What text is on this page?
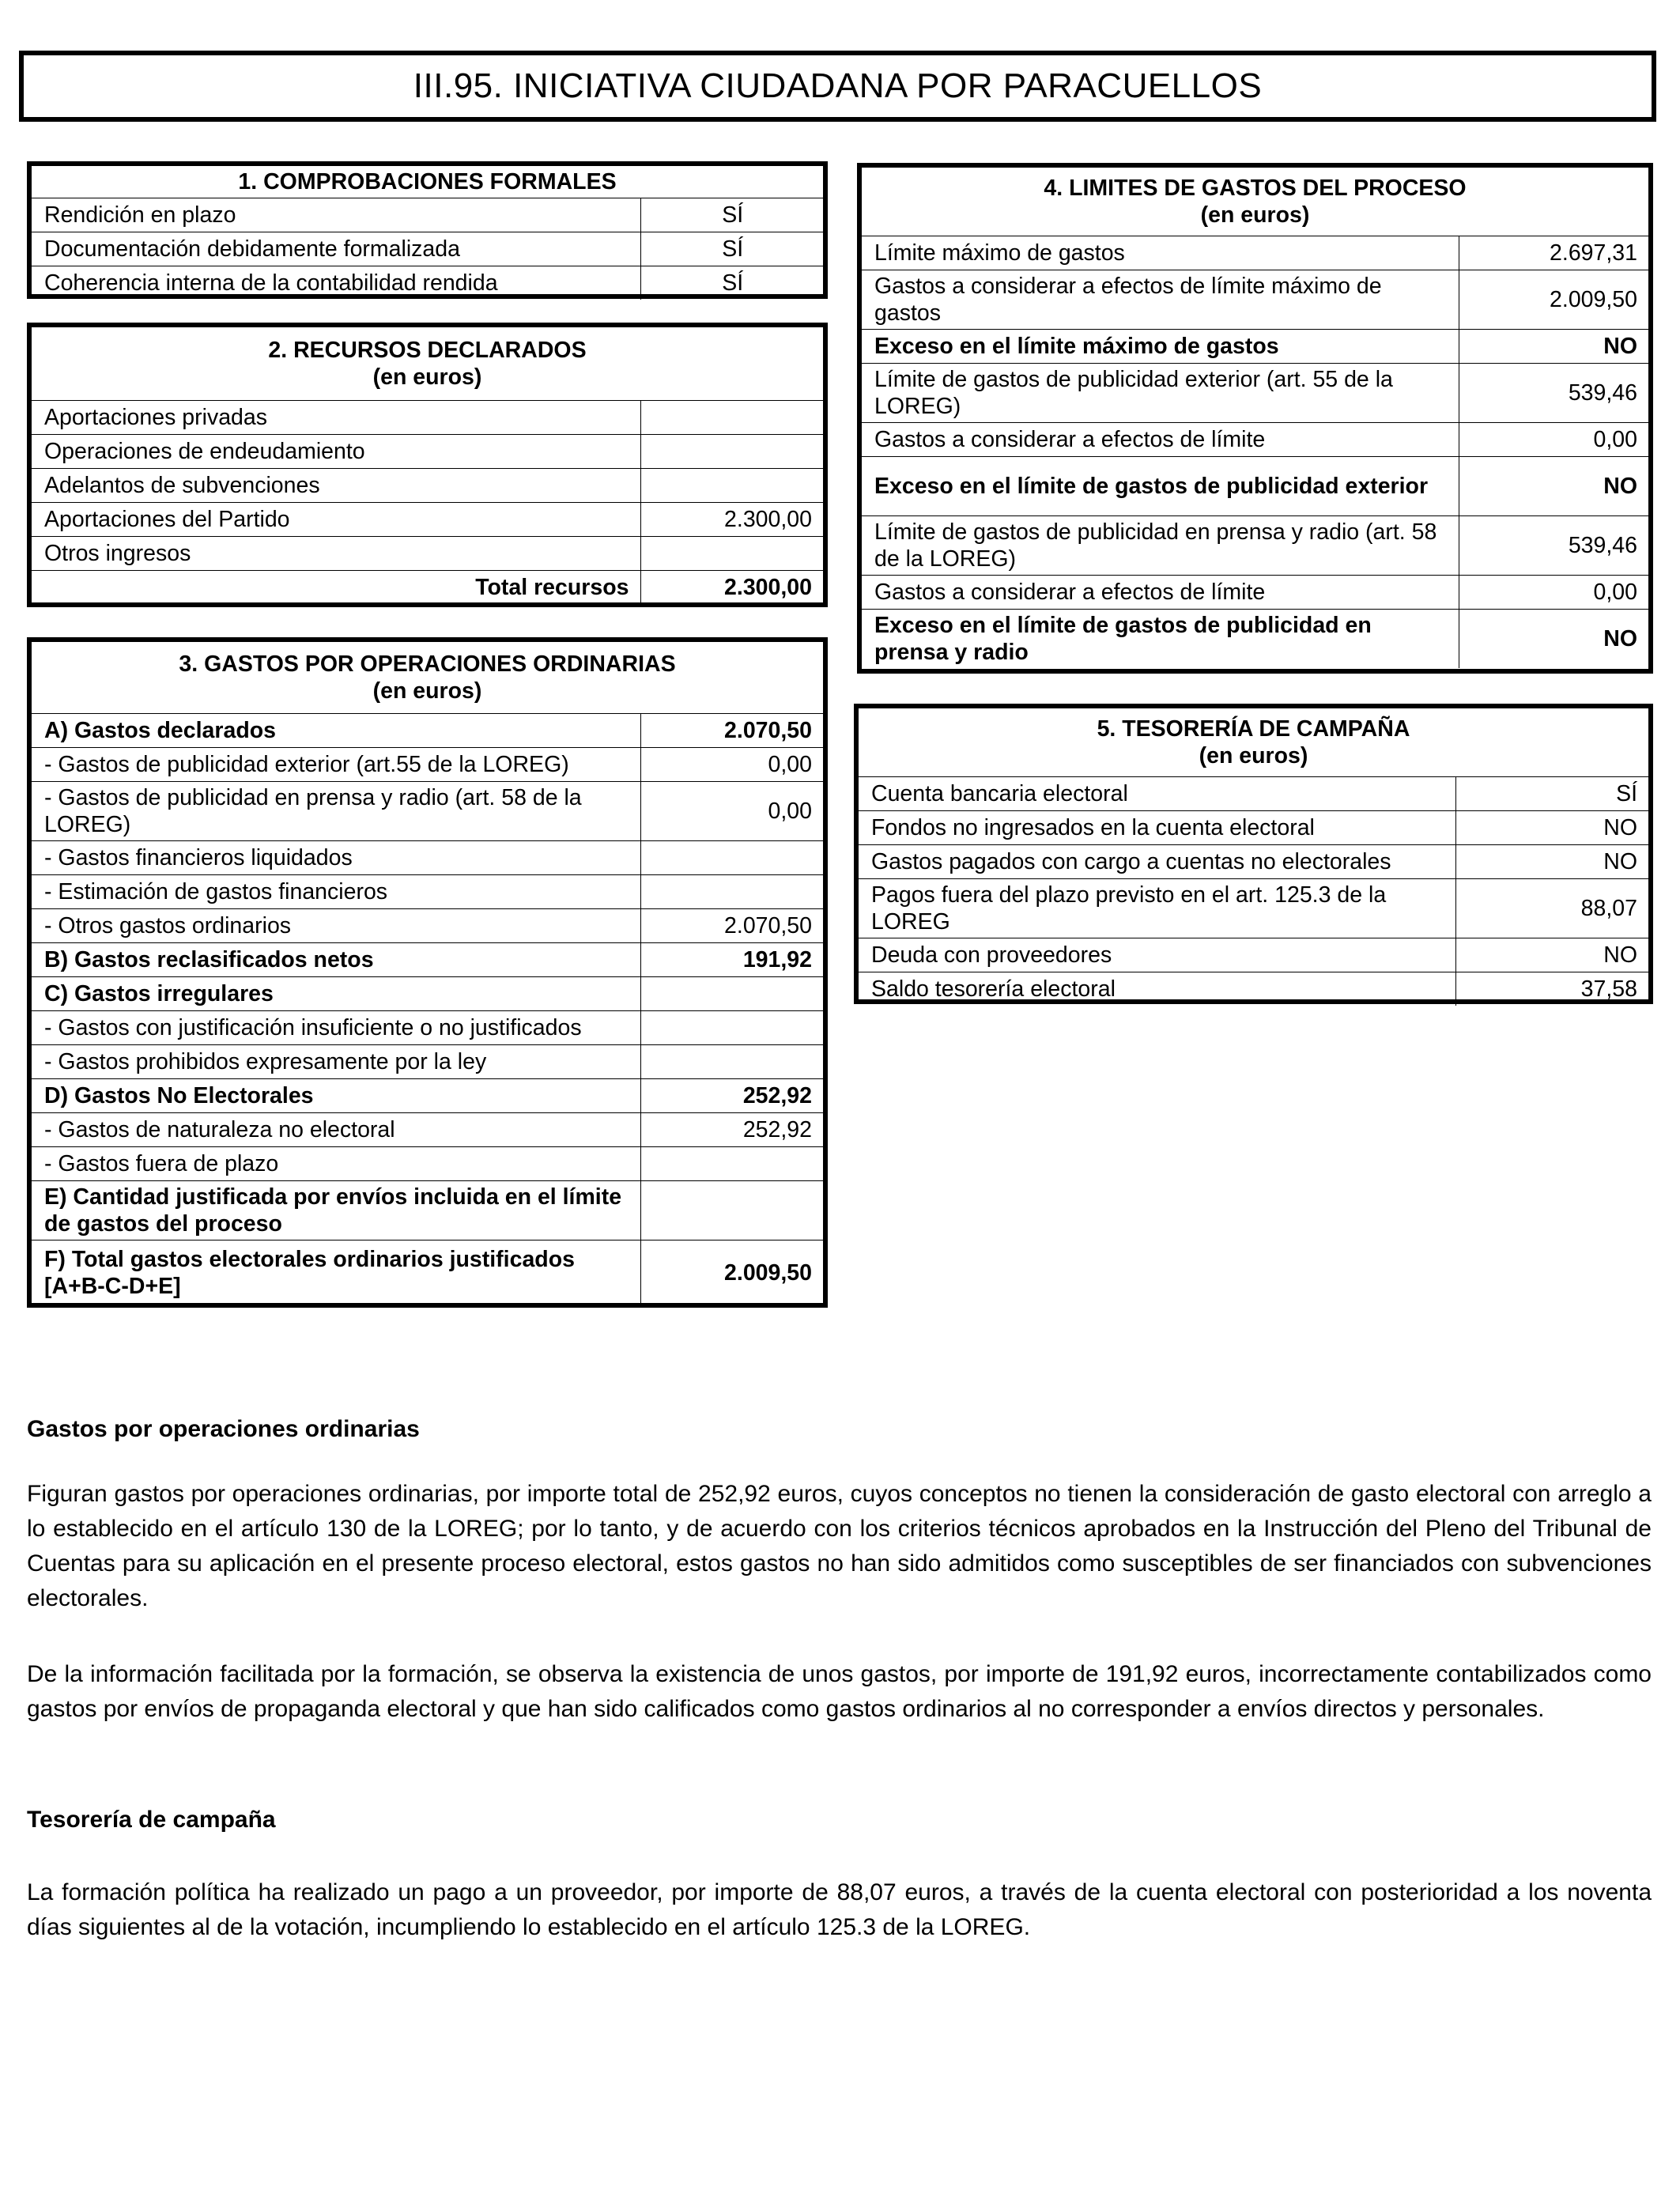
III.95. INICIATIVA CIUDADANA POR PARACUELLOS
1. COMPROBACIONES FORMALES	
Rendición en plazo	SÍ
Documentación debidamente formalizada	SÍ
Coherencia interna de la contabilidad rendida	SÍ
2. RECURSOS DECLARADOS
(en euros)	

Aportaciones privadas	
Operaciones de endeudamiento	
Adelantos de subvenciones	
Aportaciones del Partido	2.300,00
Otros ingresos	
Total recursos	2.300,00
3. GASTOS POR OPERACIONES ORDINARIAS
(en euros)	

A) Gastos declarados	2.070,50
- Gastos de publicidad exterior (art.55 de la LOREG)	0,00
- Gastos de publicidad en prensa y radio (art. 58 de la LOREG)	0,00
- Gastos financieros liquidados	
- Estimación de gastos financieros	
- Otros gastos ordinarios	2.070,50
B) Gastos reclasificados netos	191,92
C) Gastos irregulares	
- Gastos con justificación insuficiente o no justificados	
- Gastos prohibidos expresamente por la ley	
D) Gastos No Electorales	252,92
- Gastos de naturaleza no electoral	252,92
- Gastos fuera de plazo	
E) Cantidad justificada por envíos incluida en el límite de gastos del proceso	
F) Total gastos electorales ordinarios justificados [A+B-C-D+E]	2.009,50
4. LIMITES DE GASTOS DEL PROCESO
(en euros)	

Límite máximo de gastos	2.697,31
Gastos a considerar a efectos de límite máximo de gastos	2.009,50
Exceso en el límite máximo de gastos	NO
Límite de gastos de publicidad exterior (art. 55 de la LOREG)	539,46
Gastos a considerar a efectos de límite	0,00
Exceso en el límite de gastos de publicidad exterior	NO
Límite de gastos de publicidad en prensa y radio (art. 58 de la LOREG)	539,46
Gastos a considerar a efectos de límite	0,00
Exceso en el límite de gastos de publicidad en prensa y radio	NO
5. TESORERÍA DE CAMPAÑA
(en euros)	

Cuenta bancaria electoral	SÍ
Fondos no ingresados en la cuenta electoral	NO
Gastos pagados con cargo a cuentas no electorales	NO
Pagos fuera del plazo previsto en el art. 125.3 de la LOREG	88,07
Deuda con proveedores	NO
Saldo tesorería electoral	37,58
Gastos por operaciones ordinarias

Figuran gastos por operaciones ordinarias, por importe total de 252,92 euros, cuyos conceptos no tienen la consideración de gasto electoral con arreglo a lo establecido en el artículo 130 de la LOREG; por lo tanto, y de acuerdo con los criterios técnicos aprobados en la Instrucción del Pleno del Tribunal de Cuentas para su aplicación en el presente proceso electoral, estos gastos no han sido admitidos como susceptibles de ser financiados con subvenciones electorales.

De la información facilitada por la formación, se observa la existencia de unos gastos, por importe de 191,92 euros, incorrectamente contabilizados como gastos por envíos de propaganda electoral y que han sido calificados como gastos ordinarios al no corresponder a envíos directos y personales.

Tesorería de campaña

La formación política ha realizado un pago a un proveedor, por importe de 88,07 euros, a través de la cuenta electoral con posterioridad a los noventa días siguientes al de la votación, incumpliendo lo establecido en el artículo 125.3 de la LOREG.
